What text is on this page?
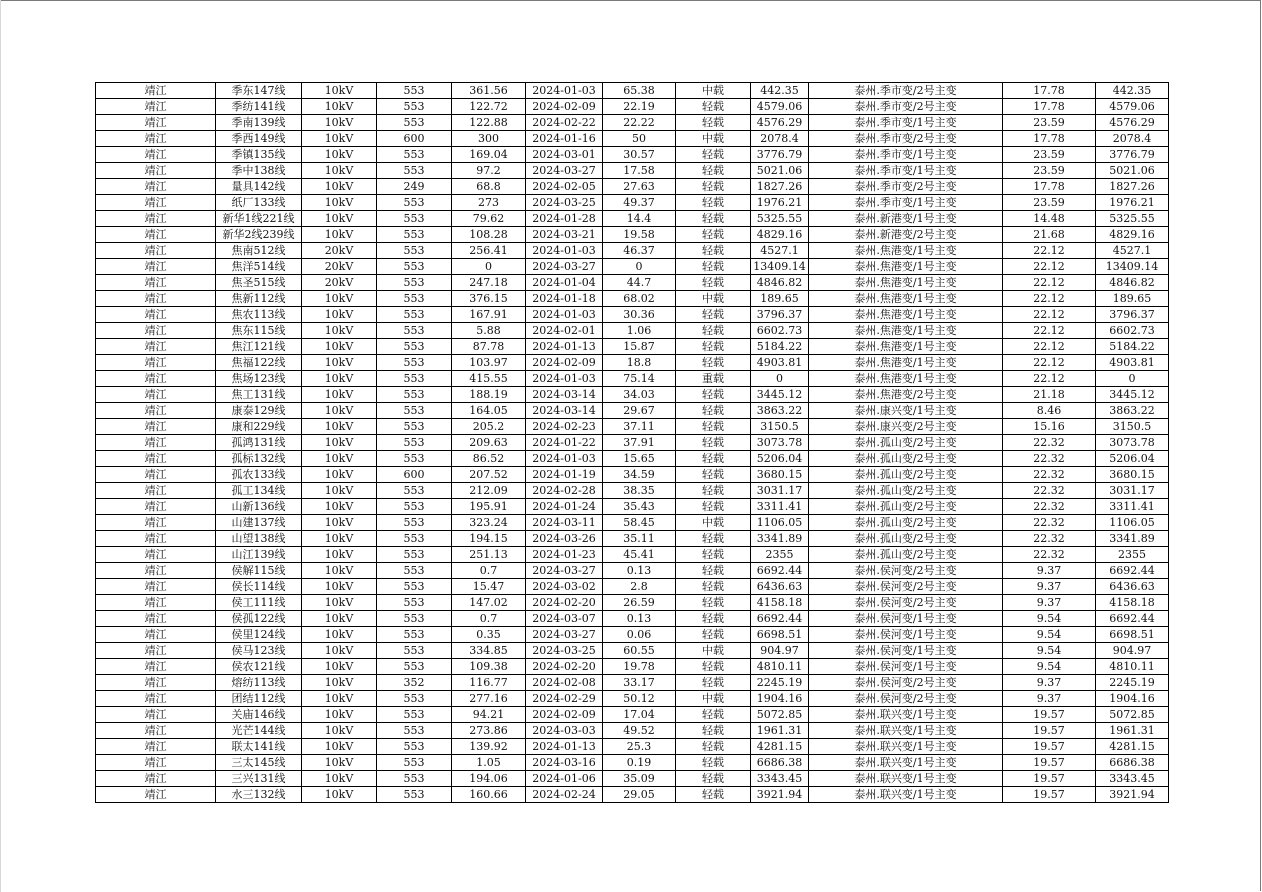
靖江	季东147线	10kV	553	361.56	2024-01-03	65.38	中载	442.35	泰州.季市变/2号主变	17.78	442.35
靖江	季纺141线	10kV	553	122.72	2024-02-09	22.19	轻载	4579.06	泰州.季市变/2号主变	17.78	4579.06
靖江	季南139线	10kV	553	122.88	2024-02-22	22.22	轻载	4576.29	泰州.季市变/1号主变	23.59	4576.29
靖江	季西149线	10kV	600	300	2024-01-16	50	中载	2078.4	泰州.季市变/2号主变	17.78	2078.4
靖江	季镇135线	10kV	553	169.04	2024-03-01	30.57	轻载	3776.79	泰州.季市变/1号主变	23.59	3776.79
靖江	季中138线	10kV	553	97.2	2024-03-27	17.58	轻载	5021.06	泰州.季市变/1号主变	23.59	5021.06
靖江	量具142线	10kV	249	68.8	2024-02-05	27.63	轻载	1827.26	泰州.季市变/2号主变	17.78	1827.26
靖江	纸厂133线	10kV	553	273	2024-03-25	49.37	轻载	1976.21	泰州.季市变/1号主变	23.59	1976.21
靖江	新华1线221线	10kV	553	79.62	2024-01-28	14.4	轻载	5325.55	泰州.新港变/1号主变	14.48	5325.55
靖江	新华2线239线	10kV	553	108.28	2024-03-21	19.58	轻载	4829.16	泰州.新港变/2号主变	21.68	4829.16
靖江	焦南512线	20kV	553	256.41	2024-01-03	46.37	轻载	4527.1	泰州.焦港变/1号主变	22.12	4527.1
靖江	焦洋514线	20kV	553	0	2024-03-27	0	轻载	13409.14	泰州.焦港变/1号主变	22.12	13409.14
靖江	焦圣515线	20kV	553	247.18	2024-01-04	44.7	轻载	4846.82	泰州.焦港变/1号主变	22.12	4846.82
靖江	焦新112线	10kV	553	376.15	2024-01-18	68.02	中载	189.65	泰州.焦港变/1号主变	22.12	189.65
靖江	焦农113线	10kV	553	167.91	2024-01-03	30.36	轻载	3796.37	泰州.焦港变/1号主变	22.12	3796.37
靖江	焦东115线	10kV	553	5.88	2024-02-01	1.06	轻载	6602.73	泰州.焦港变/1号主变	22.12	6602.73
靖江	焦江121线	10kV	553	87.78	2024-01-13	15.87	轻载	5184.22	泰州.焦港变/1号主变	22.12	5184.22
靖江	焦福122线	10kV	553	103.97	2024-02-09	18.8	轻载	4903.81	泰州.焦港变/1号主变	22.12	4903.81
靖江	焦场123线	10kV	553	415.55	2024-01-03	75.14	重载	0	泰州.焦港变/1号主变	22.12	0
靖江	焦工131线	10kV	553	188.19	2024-03-14	34.03	轻载	3445.12	泰州.焦港变/2号主变	21.18	3445.12
靖江	康泰129线	10kV	553	164.05	2024-03-14	29.67	轻载	3863.22	泰州.康兴变/1号主变	8.46	3863.22
靖江	康和229线	10kV	553	205.2	2024-02-23	37.11	轻载	3150.5	泰州.康兴变/2号主变	15.16	3150.5
靖江	孤鸿131线	10kV	553	209.63	2024-01-22	37.91	轻载	3073.78	泰州.孤山变/2号主变	22.32	3073.78
靖江	孤标132线	10kV	553	86.52	2024-01-03	15.65	轻载	5206.04	泰州.孤山变/2号主变	22.32	5206.04
靖江	孤农133线	10kV	600	207.52	2024-01-19	34.59	轻载	3680.15	泰州.孤山变/2号主变	22.32	3680.15
靖江	孤工134线	10kV	553	212.09	2024-02-28	38.35	轻载	3031.17	泰州.孤山变/2号主变	22.32	3031.17
靖江	山新136线	10kV	553	195.91	2024-01-24	35.43	轻载	3311.41	泰州.孤山变/2号主变	22.32	3311.41
靖江	山建137线	10kV	553	323.24	2024-03-11	58.45	中载	1106.05	泰州.孤山变/2号主变	22.32	1106.05
靖江	山望138线	10kV	553	194.15	2024-03-26	35.11	轻载	3341.89	泰州.孤山变/2号主变	22.32	3341.89
靖江	山江139线	10kV	553	251.13	2024-01-23	45.41	轻载	2355	泰州.孤山变/2号主变	22.32	2355
靖江	侯解115线	10kV	553	0.7	2024-03-27	0.13	轻载	6692.44	泰州.侯河变/2号主变	9.37	6692.44
靖江	侯长114线	10kV	553	15.47	2024-03-02	2.8	轻载	6436.63	泰州.侯河变/2号主变	9.37	6436.63
靖江	侯工111线	10kV	553	147.02	2024-02-20	26.59	轻载	4158.18	泰州.侯河变/2号主变	9.37	4158.18
靖江	侯孤122线	10kV	553	0.7	2024-03-07	0.13	轻载	6692.44	泰州.侯河变/1号主变	9.54	6692.44
靖江	侯里124线	10kV	553	0.35	2024-03-27	0.06	轻载	6698.51	泰州.侯河变/1号主变	9.54	6698.51
靖江	侯马123线	10kV	553	334.85	2024-03-25	60.55	中载	904.97	泰州.侯河变/1号主变	9.54	904.97
靖江	侯农121线	10kV	553	109.38	2024-02-20	19.78	轻载	4810.11	泰州.侯河变/1号主变	9.54	4810.11
靖江	熔纺113线	10kV	352	116.77	2024-02-08	33.17	轻载	2245.19	泰州.侯河变/2号主变	9.37	2245.19
靖江	团结112线	10kV	553	277.16	2024-02-29	50.12	中载	1904.16	泰州.侯河变/2号主变	9.37	1904.16
靖江	关庙146线	10kV	553	94.21	2024-02-09	17.04	轻载	5072.85	泰州.联兴变/1号主变	19.57	5072.85
靖江	光芒144线	10kV	553	273.86	2024-03-03	49.52	轻载	1961.31	泰州.联兴变/1号主变	19.57	1961.31
靖江	联太141线	10kV	553	139.92	2024-01-13	25.3	轻载	4281.15	泰州.联兴变/1号主变	19.57	4281.15
靖江	三太145线	10kV	553	1.05	2024-03-16	0.19	轻载	6686.38	泰州.联兴变/1号主变	19.57	6686.38
靖江	三兴131线	10kV	553	194.06	2024-01-06	35.09	轻载	3343.45	泰州.联兴变/1号主变	19.57	3343.45
靖江	水三132线	10kV	553	160.66	2024-02-24	29.05	轻载	3921.94	泰州.联兴变/1号主变	19.57	3921.94
